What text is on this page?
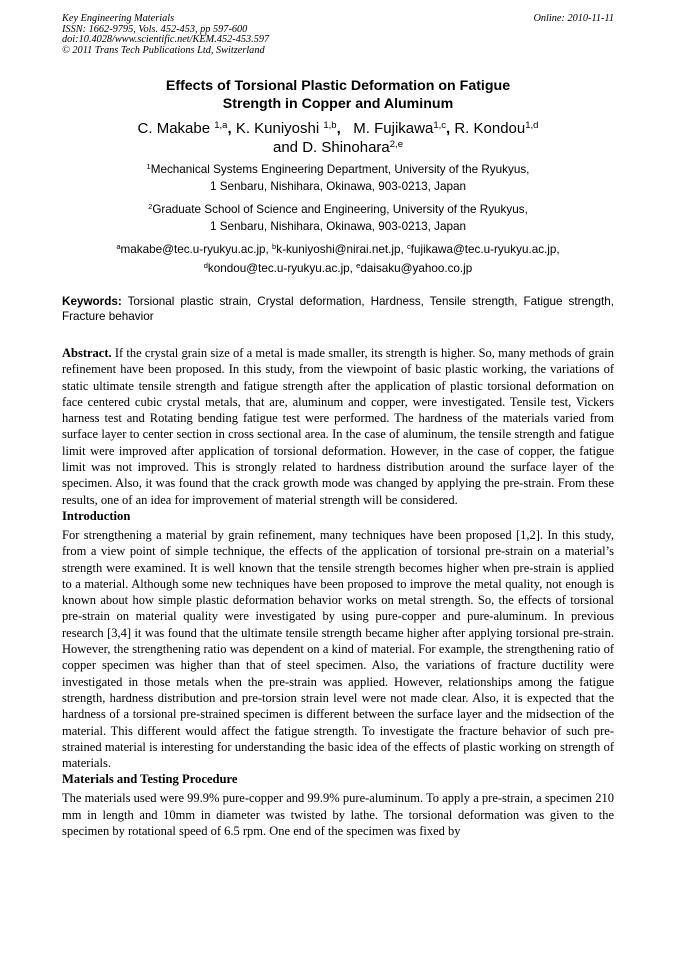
Key Engineering Materials
ISSN: 1662-9795, Vols. 452-453, pp 597-600
doi:10.4028/www.scientific.net/KEM.452-453.597
© 2011 Trans Tech Publications Ltd, Switzerland
Online: 2010-11-11
Effects of Torsional Plastic Deformation on Fatigue
Strength in Copper and Aluminum
C. Makabe $^{1,a}$, K. Kuniyoshi $^{1,b}$, M. Fujikawa$^{1,c}$, R. Kondou$^{1,d}$
and D. Shinohara$^{2,e}$
$^1$Mechanical Systems Engineering Department, University of the Ryukyus,
1 Senbaru, Nishihara, Okinawa, 903-0213, Japan
$^2$Graduate School of Science and Engineering, University of the Ryukyus,
1 Senbaru, Nishihara, Okinawa, 903-0213, Japan
$^a$makabe@tec.u-ryukyu.ac.jp, $^b$k-kuniyoshi@nirai.net.jp, $^c$fujikawa@tec.u-ryukyu.ac.jp,
$^d$kondou@tec.u-ryukyu.ac.jp, $^e$daisaku@yahoo.co.jp
Keywords: Torsional plastic strain, Crystal deformation, Hardness, Tensile strength, Fatigue strength, Fracture behavior
Abstract. If the crystal grain size of a metal is made smaller, its strength is higher. So, many methods of grain refinement have been proposed. In this study, from the viewpoint of basic plastic working, the variations of static ultimate tensile strength and fatigue strength after the application of plastic torsional deformation on face centered cubic crystal metals, that are, aluminum and copper, were investigated. Tensile test, Vickers harness test and Rotating bending fatigue test were performed. The hardness of the materials varied from surface layer to center section in cross sectional area. In the case of aluminum, the tensile strength and fatigue limit were improved after application of torsional deformation. However, in the case of copper, the fatigue limit was not improved. This is strongly related to hardness distribution around the surface layer of the specimen. Also, it was found that the crack growth mode was changed by applying the pre-strain. From these results, one of an idea for improvement of material strength will be considered.
Introduction

For strengthening a material by grain refinement, many techniques have been proposed [1,2]. In this study, from a view point of simple technique, the effects of the application of torsional pre-strain on a material’s strength were examined. It is well known that the tensile strength becomes higher when pre-strain is applied to a material. Although some new techniques have been proposed to improve the metal quality, not enough is known about how simple plastic deformation behavior works on metal strength. So, the effects of torsional pre-strain on material quality were investigated by using pure-copper and pure-aluminum. In previous research [3,4] it was found that the ultimate tensile strength became higher after applying torsional pre-strain. However, the strengthening ratio was dependent on a kind of material. For example, the strengthening ratio of copper specimen was higher than that of steel specimen. Also, the variations of fracture ductility were investigated in those metals when the pre-strain was applied. However, relationships among the fatigue strength, hardness distribution and pre-torsion strain level were not made clear. Also, it is expected that the hardness of a torsional pre-strained specimen is different between the surface layer and the midsection of the material. This different would affect the fatigue strength. To investigate the fracture behavior of such pre-strained material is interesting for understanding the basic idea of the effects of plastic working on strength of materials.

Materials and Testing Procedure

The materials used were 99.9% pure-copper and 99.9% pure-aluminum. To apply a pre-strain, a specimen 210 mm in length and 10mm in diameter was twisted by lathe. The torsional deformation was given to the specimen by rotational speed of 6.5 rpm. One end of the specimen was fixed by
